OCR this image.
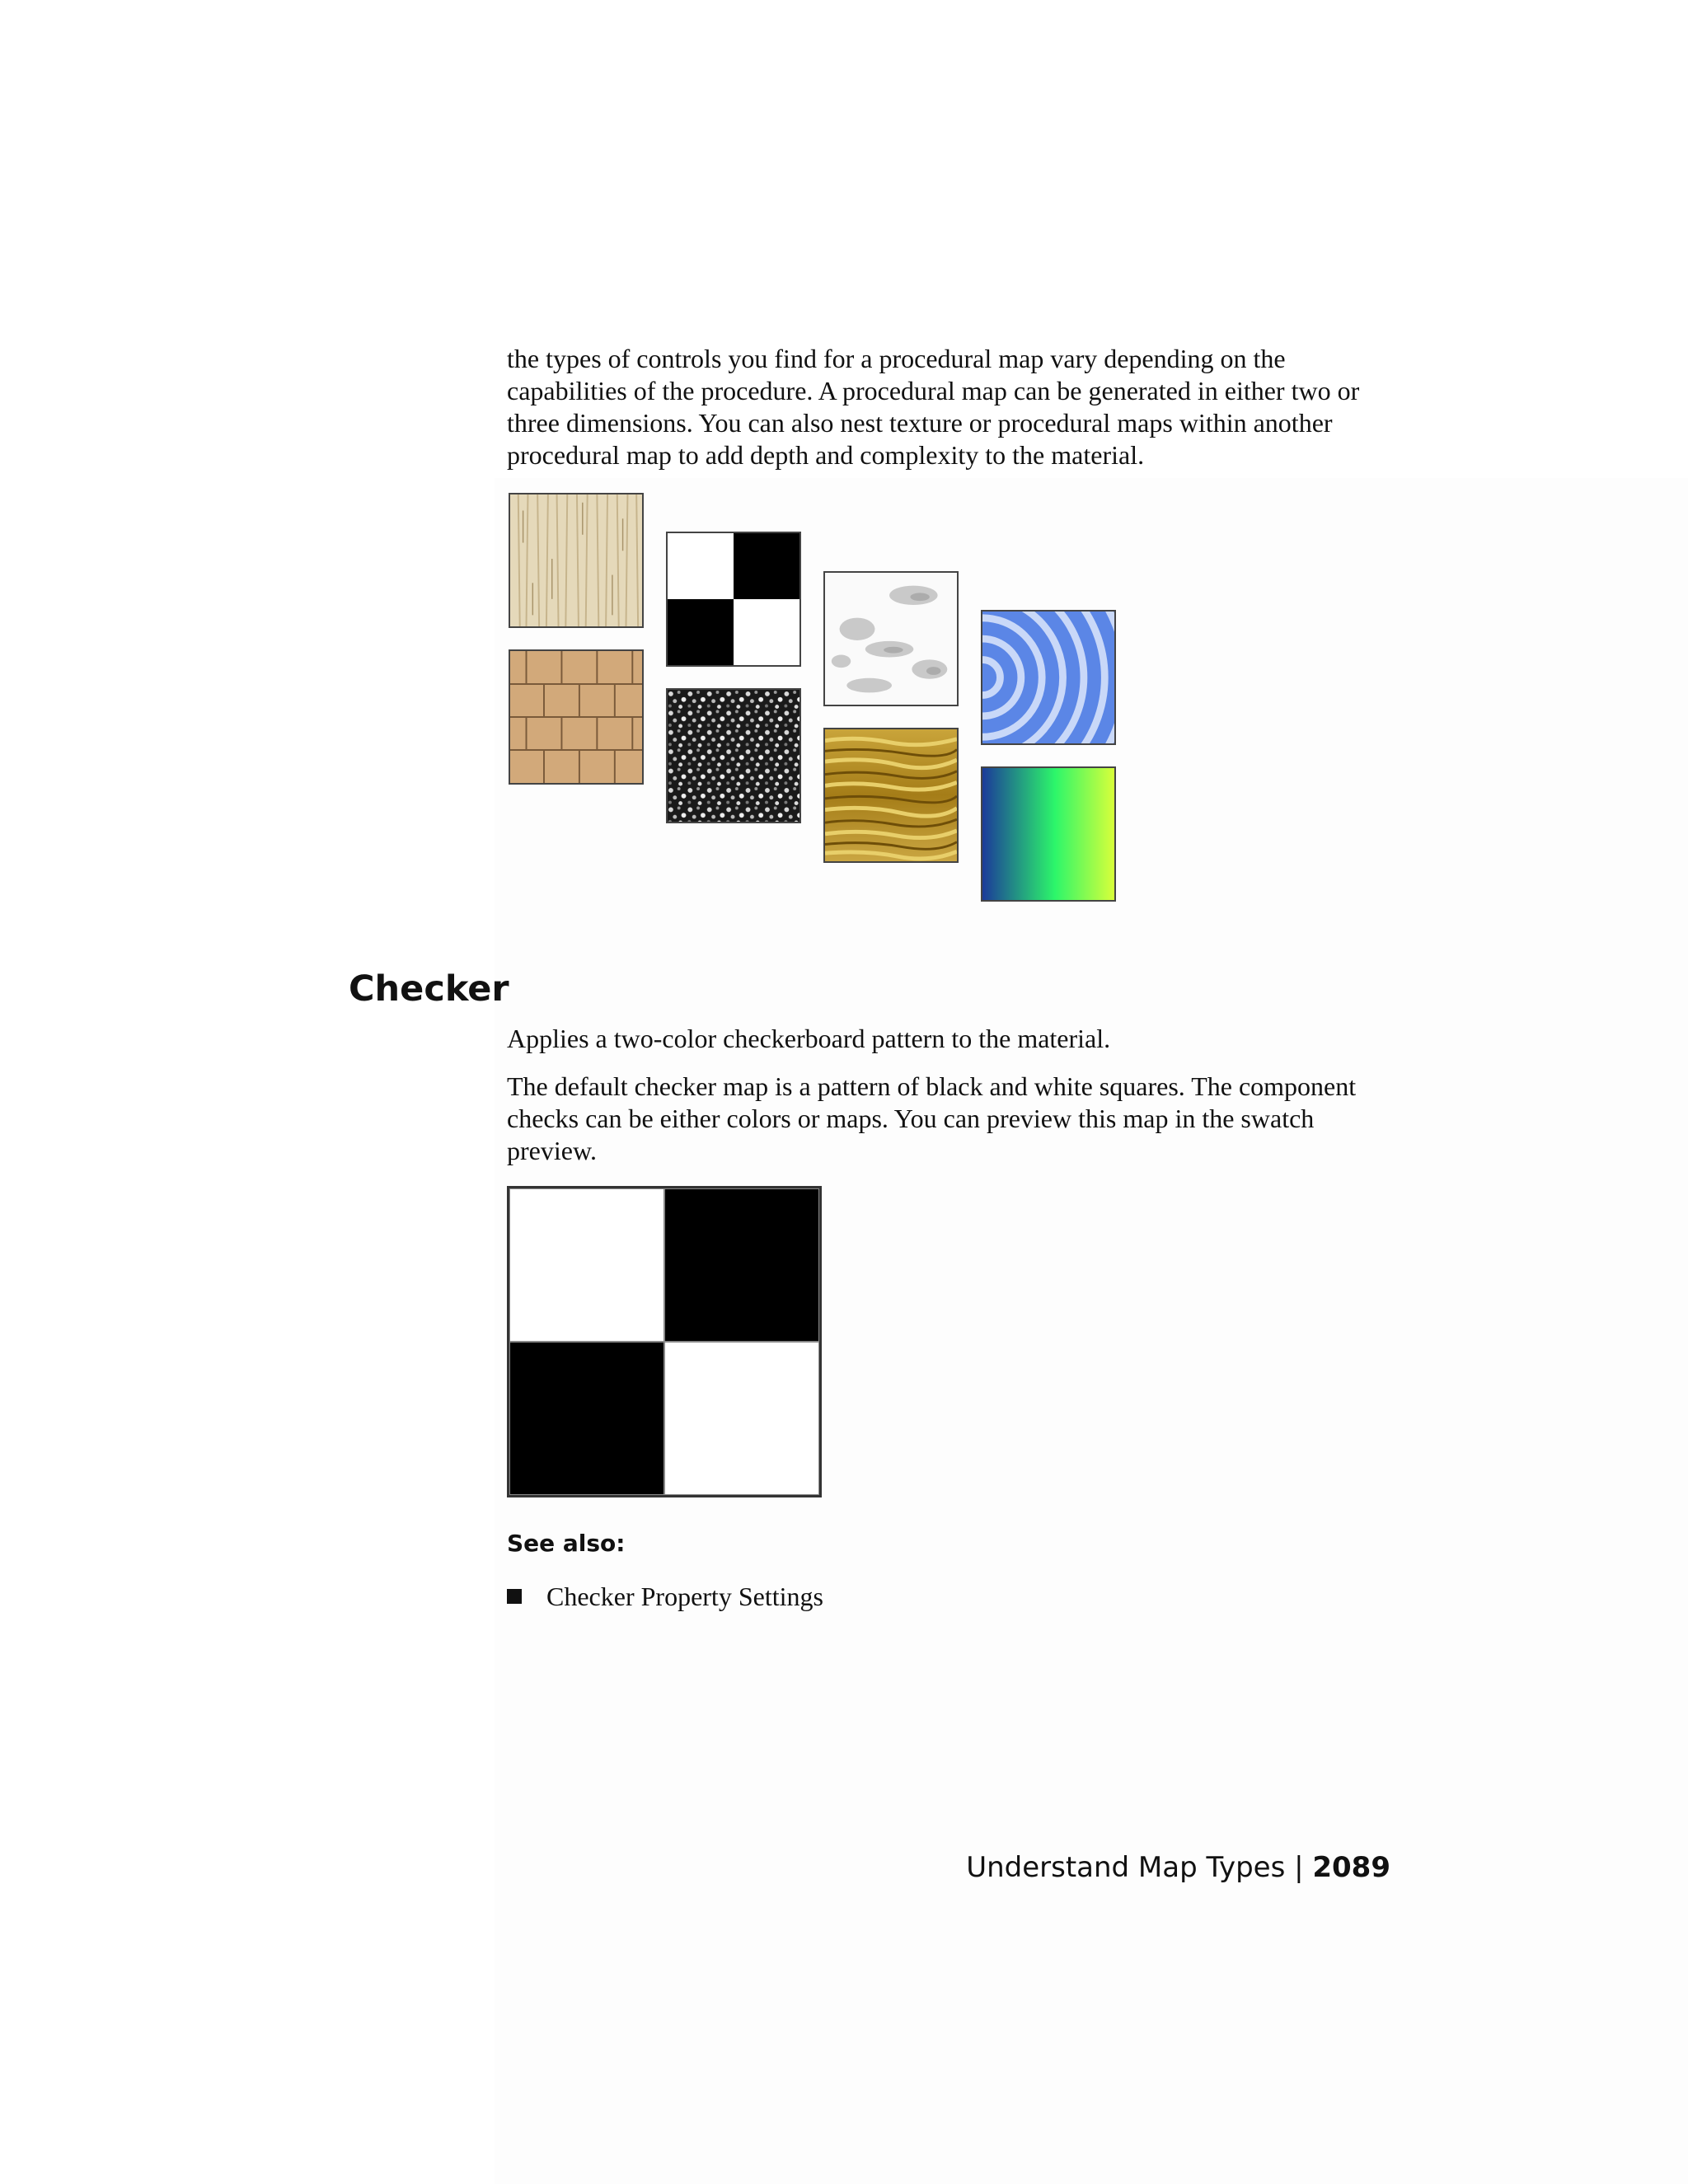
the types of controls you find for a procedural map vary depending on the capabilities of the procedure. A procedural map can be generated in either two or three dimensions. You can also nest texture or procedural maps within another procedural map to add depth and complexity to the material.

Checker

Applies a two-color checkerboard pattern to the material.

The default checker map is a pattern of black and white squares. The component checks can be either colors or maps. You can preview this map in the swatch preview.

See also:

Checker Property Settings
Understand Map Types | 2089
